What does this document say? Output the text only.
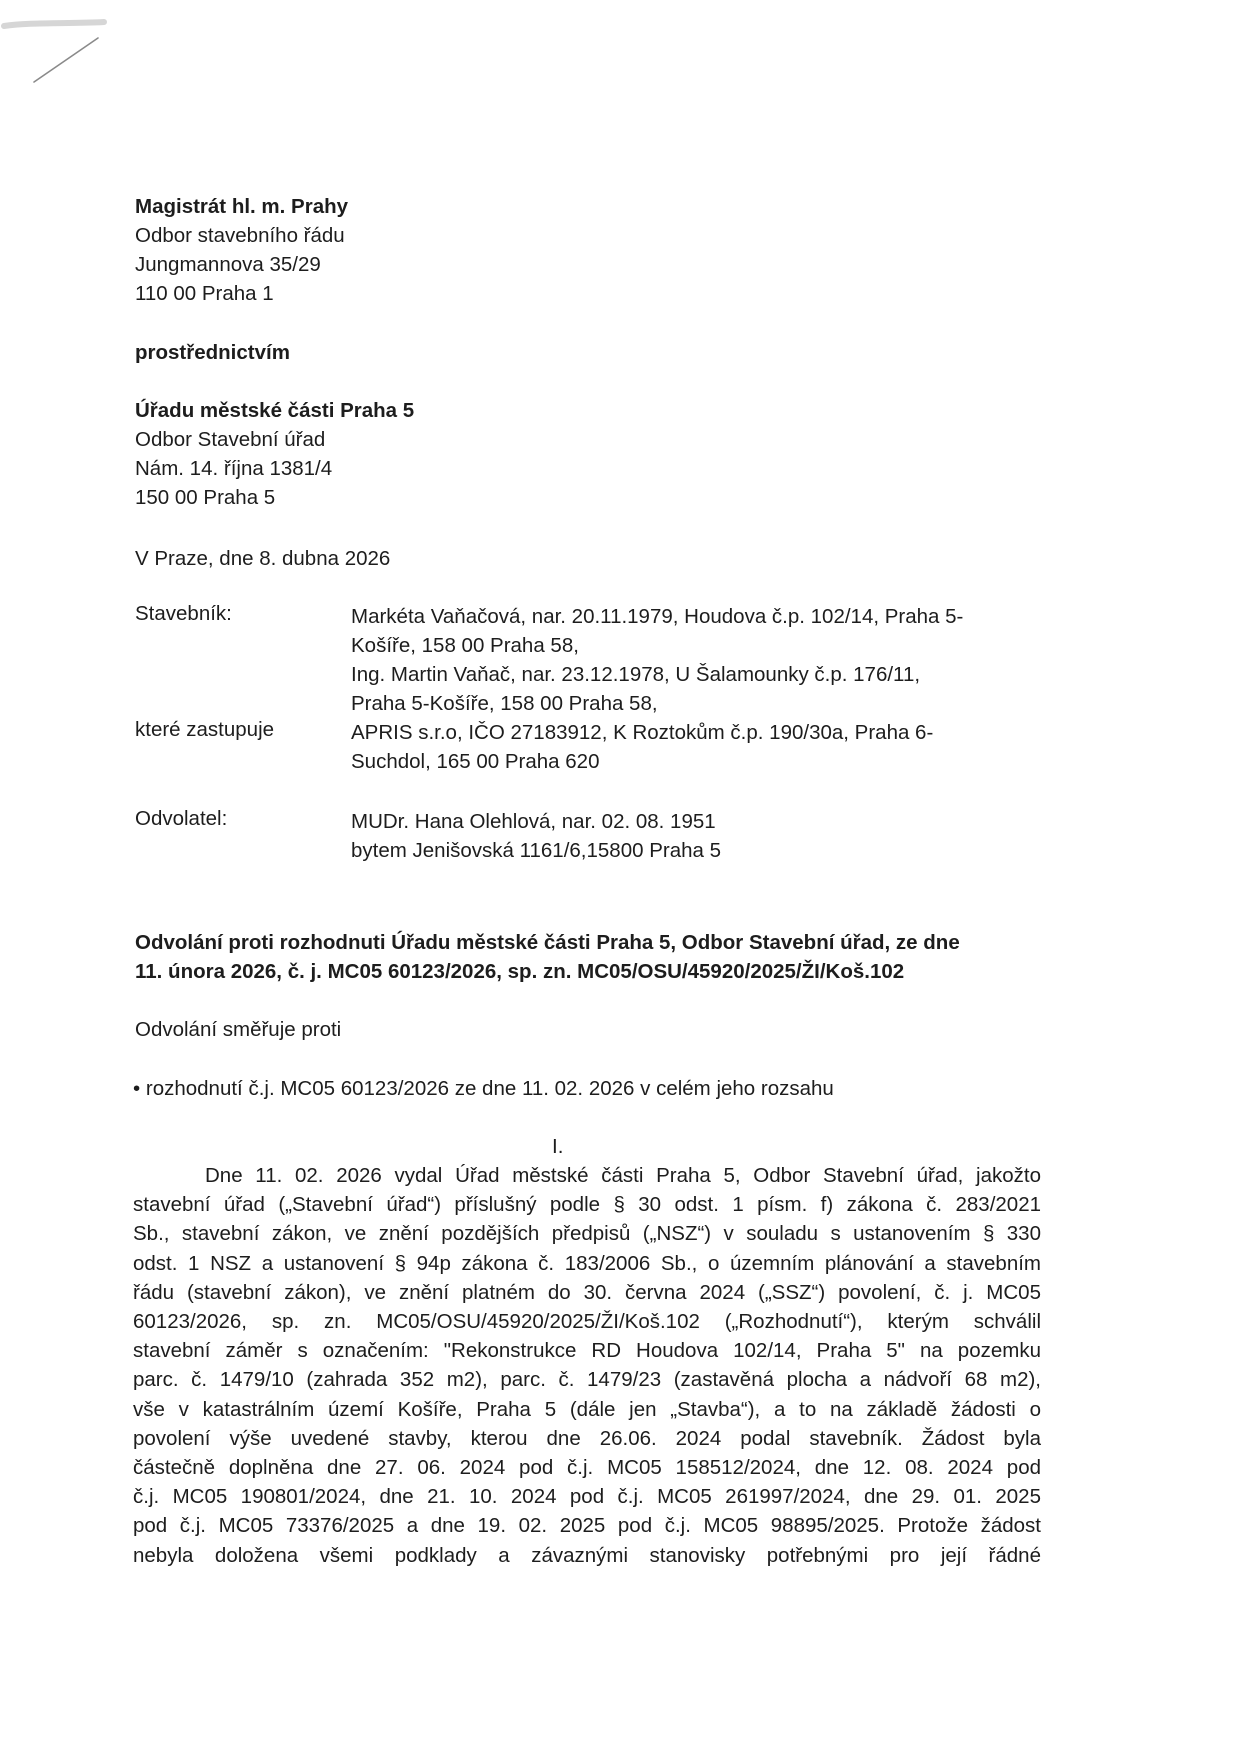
Magistrát hl. m. Prahy
Odbor stavebního řádu
Jungmannova 35/29
110 00 Praha 1
prostřednictvím
Úřadu městské části Praha 5
Odbor Stavební úřad
Nám. 14. října 1381/4
150 00 Praha 5
V Praze, dne 8. dubna 2026
Stavebník:	Markéta Vaňačová, nar. 20.11.1979, Houdova č.p. 102/14, Praha 5-
Košíře, 158 00 Praha 58,
Ing. Martin Vaňač, nar. 23.12.1978, U Šalamounky č.p. 176/11,
Praha 5-Košíře, 158 00 Praha 58,
které zastupuje	APRIS s.r.o, IČO 27183912, K Roztokům č.p. 190/30a, Praha 6-
Suchdol, 165 00 Praha 620
Odvolatel:	MUDr. Hana Olehlová, nar. 02. 08. 1951
bytem Jenišovská 1161/6,15800 Praha 5
Odvolání proti rozhodnuti Úřadu městské části Praha 5, Odbor Stavební úřad, ze dne
11. února 2026, č. j. MC05 60123/2026, sp. zn. MC05/OSU/45920/2025/ŽI/Koš.102
Odvolání směřuje proti
• rozhodnutí č.j. MC05 60123/2026 ze dne 11. 02. 2026 v celém jeho rozsahu
I.
Dne 11. 02. 2026 vydal Úřad městské části Praha 5, Odbor Stavební úřad, jakožto
stavební úřad („Stavební úřad“) příslušný podle § 30 odst. 1 písm. f) zákona č. 283/2021
Sb., stavební zákon, ve znění pozdějších předpisů („NSZ“) v souladu s ustanovením § 330
odst. 1 NSZ a ustanovení § 94p zákona č. 183/2006 Sb., o územním plánování a stavebním
řádu (stavební zákon), ve znění platném do 30. června 2024 („SSZ“) povolení, č. j. MC05
60123/2026, sp. zn. MC05/OSU/45920/2025/ŽI/Koš.102 („Rozhodnutí“), kterým schválil
stavební záměr s označením: "Rekonstrukce RD Houdova 102/14, Praha 5" na pozemku
parc. č. 1479/10 (zahrada 352 m2), parc. č. 1479/23 (zastavěná plocha a nádvoří 68 m2),
vše v katastrálním území Košíře, Praha 5 (dále jen „Stavba“), a to na základě žádosti o
povolení výše uvedené stavby, kterou dne 26.06. 2024 podal stavebník. Žádost byla
částečně doplněna dne 27. 06. 2024 pod č.j. MC05 158512/2024, dne 12. 08. 2024 pod
č.j. MC05 190801/2024, dne 21. 10. 2024 pod č.j. MC05 261997/2024, dne 29. 01. 2025
pod č.j. MC05 73376/2025 a dne 19. 02. 2025 pod č.j. MC05 98895/2025. Protože žádost
nebyla doložena všemi podklady a závaznými stanovisky potřebnými pro její řádné
